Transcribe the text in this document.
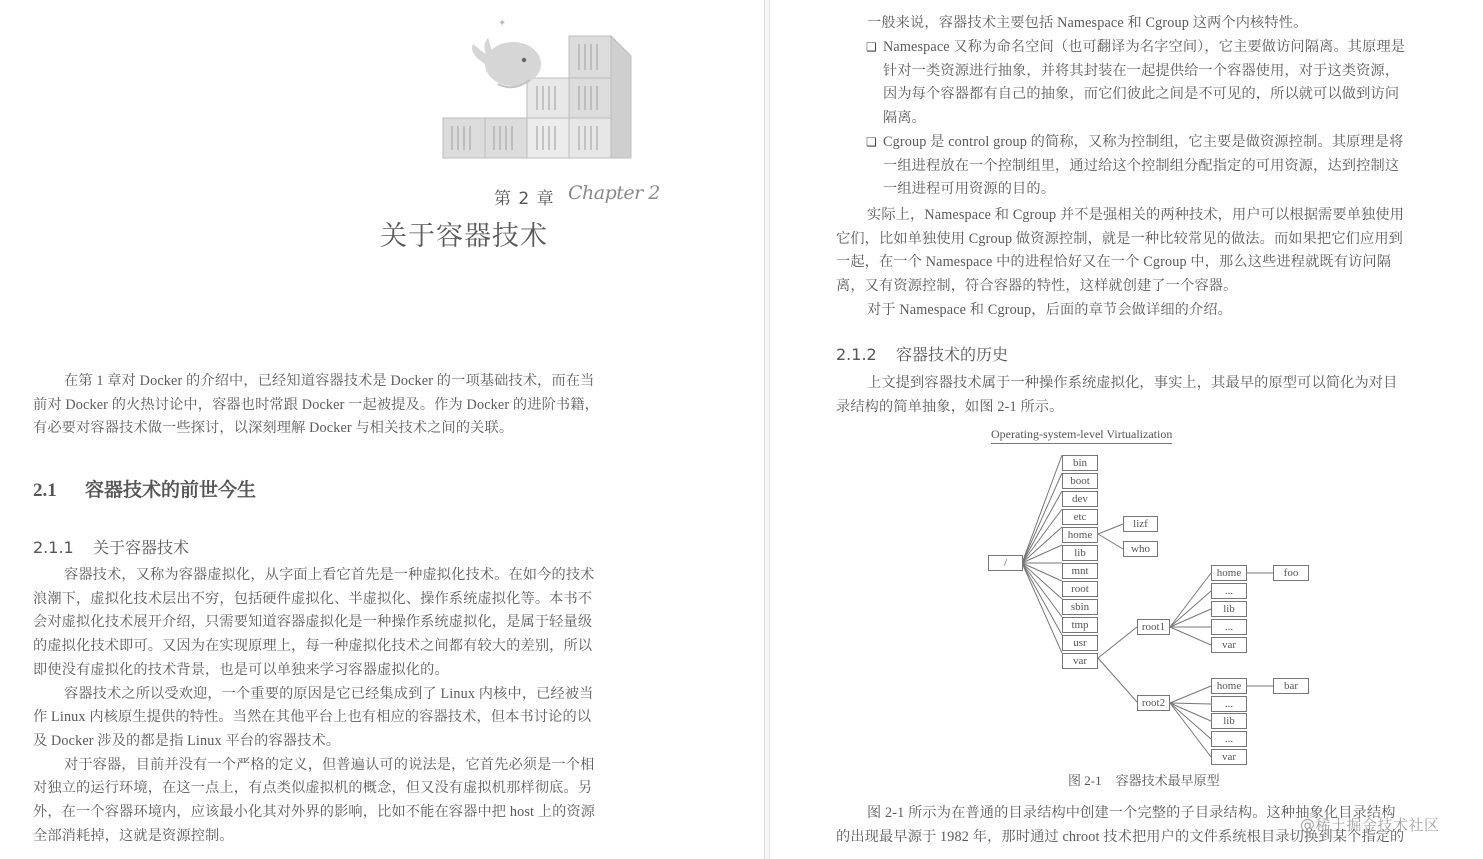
✦
第 2 章 Chapter 2
关于容器技术
在第 1 章对 Docker 的介绍中，已经知道容器技术是 Docker 的一项基础技术，而在当
前对 Docker 的火热讨论中，容器也时常跟 Docker 一起被提及。作为 Docker 的进阶书籍，
有必要对容器技术做一些探讨，以深刻理解 Docker 与相关技术之间的关联。
2.1 容器技术的前世今生
2.1.1 关于容器技术
容器技术，又称为容器虚拟化，从字面上看它首先是一种虚拟化技术。在如今的技术
浪潮下，虚拟化技术层出不穷，包括硬件虚拟化、半虚拟化、操作系统虚拟化等。本书不
会对虚拟化技术展开介绍，只需要知道容器虚拟化是一种操作系统虚拟化，是属于轻量级
的虚拟化技术即可。又因为在实现原理上，每一种虚拟化技术之间都有较大的差别，所以
即使没有虚拟化的技术背景，也是可以单独来学习容器虚拟化的。
容器技术之所以受欢迎，一个重要的原因是它已经集成到了 Linux 内核中，已经被当
作 Linux 内核原生提供的特性。当然在其他平台上也有相应的容器技术，但本书讨论的以
及 Docker 涉及的都是指 Linux 平台的容器技术。
对于容器，目前并没有一个严格的定义，但普遍认可的说法是，它首先必须是一个相
对独立的运行环境，在这一点上，有点类似虚拟机的概念，但又没有虚拟机那样彻底。另
外，在一个容器环境内，应该最小化其对外界的影响，比如不能在容器中把 host 上的资源
全部消耗掉，这就是资源控制。
一般来说，容器技术主要包括 Namespace 和 Cgroup 这两个内核特性。
❑ Namespace 又称为命名空间（也可翻译为名字空间），它主要做访问隔离。其原理是
针对一类资源进行抽象，并将其封装在一起提供给一个容器使用，对于这类资源，
因为每个容器都有自己的抽象，而它们彼此之间是不可见的，所以就可以做到访问
隔离。
❑ Cgroup 是 control group 的简称，又称为控制组，它主要是做资源控制。其原理是将
一组进程放在一个控制组里，通过给这个控制组分配指定的可用资源，达到控制这
一组进程可用资源的目的。
实际上，Namespace 和 Cgroup 并不是强相关的两种技术，用户可以根据需要单独使用
它们，比如单独使用 Cgroup 做资源控制，就是一种比较常见的做法。而如果把它们应用到
一起，在一个 Namespace 中的进程恰好又在一个 Cgroup 中，那么这些进程就既有访问隔
离，又有资源控制，符合容器的特性，这样就创建了一个容器。
对于 Namespace 和 Cgroup，后面的章节会做详细的介绍。
2.1.2 容器技术的历史
上文提到容器技术属于一种操作系统虚拟化，事实上，其最早的原型可以简化为对目
录结构的简单抽象，如图 2-1 所示。
Operating-system-level Virtualization
/
bin
boot
dev
etc
home
lib
mnt
root
sbin
tmp
usr
var
lizf
who
root1
root2
home
...
lib
...
var
foo
home
...
lib
...
var
bar
图 2-1 容器技术最早原型
图 2-1 所示为在普通的目录结构中创建一个完整的子目录结构。这种抽象化目录结构
的出现最早源于 1982 年，那时通过 chroot 技术把用户的文件系统根目录切换到某个指定的
@稀土掘金技术社区
